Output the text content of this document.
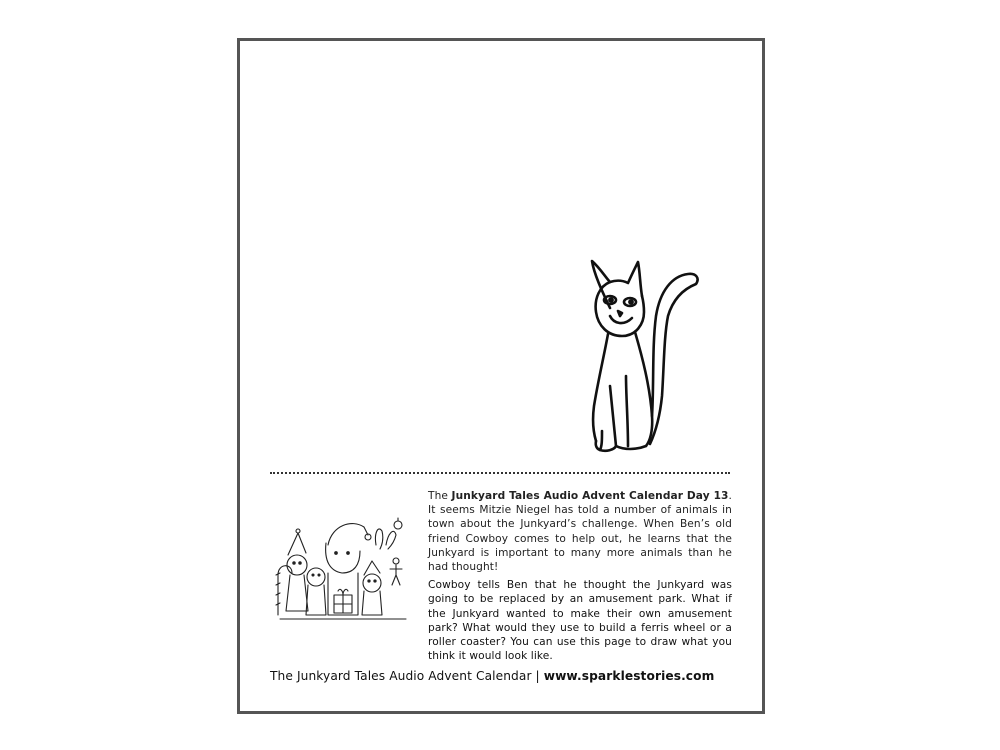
The Junkyard Tales Audio Advent Calendar Day 13. It seems Mitzie Niegel has told a number of animals in town about the Junkyard’s challenge. When Ben’s old friend Cowboy comes to help out, he learns that the Junkyard is important to many more animals than he had thought!

Cowboy tells Ben that he thought the Junkyard was going to be replaced by an amusement park. What if the Junkyard wanted to make their own amusement park? What would they use to build a ferris wheel or a roller coaster? You can use this page to draw what you think it would look like.

The Junkyard Tales Audio Advent Calendar | www.sparklestories.com
